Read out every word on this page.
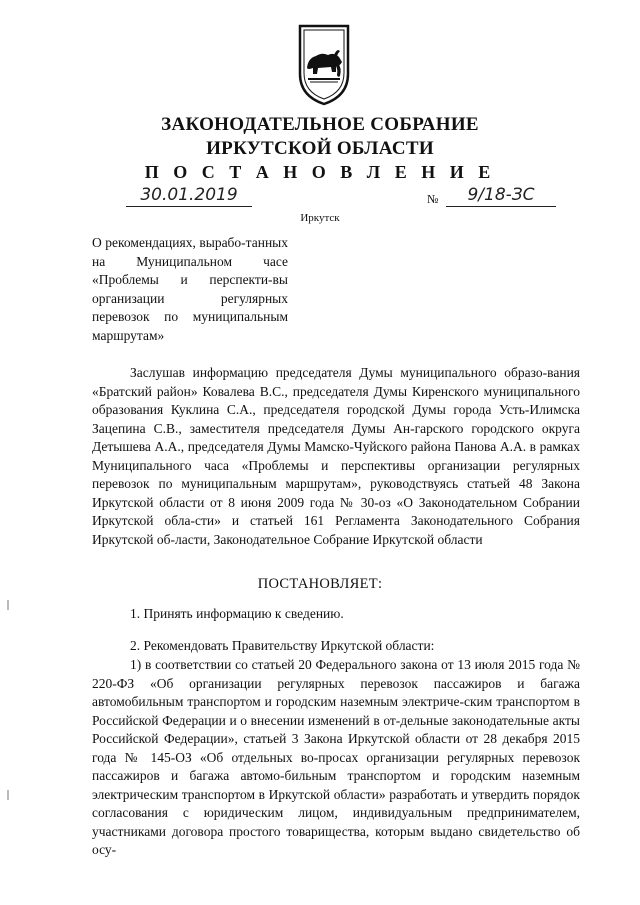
ЗАКОНОДАТЕЛЬНОЕ СОБРАНИЕ
ИРКУТСКОЙ ОБЛАСТИ
П О С Т А Н О В Л Е Н И Е
30.01.2019	№	9/18-ЗС
Иркутск
О рекомендациях, вырабо-танных на Муниципальном часе «Проблемы и перспекти-вы организации регулярных перевозок по муниципальным маршрутам»

Заслушав информацию председателя Думы муниципального образо-вания «Братский район» Ковалева В.С., председателя Думы Киренского муниципального образования Куклина С.А., председателя городской Думы города Усть-Илимска Зацепина С.В., заместителя председателя Думы Ан-гарского городского округа Детышева А.А., председателя Думы Мамско-Чуйского района Панова А.А. в рамках Муниципального часа «Проблемы и перспективы организации регулярных перевозок по муниципальным маршрутам», руководствуясь статьей 48 Закона Иркутской области от 8 июня 2009 года № 30-оз «О Законодательном Собрании Иркутской обла-сти» и статьей 161 Регламента Законодательного Собрания Иркутской об-ласти, Законодательное Собрание Иркутской области

ПОСТАНОВЛЯЕТ:

1. Принять информацию к сведению.

2. Рекомендовать Правительству Иркутской области:

1) в соответствии со статьей 20 Федерального закона от 13 июля 2015 года № 220-ФЗ «Об организации регулярных перевозок пассажиров и багажа автомобильным транспортом и городским наземным электриче-ским транспортом в Российской Федерации и о внесении изменений в от-дельные законодательные акты Российской Федерации», статьей 3 Закона Иркутской области от 28 декабря 2015 года № 145-ОЗ «Об отдельных во-просах организации регулярных перевозок пассажиров и багажа автомо-бильным транспортом и городским наземным электрическим транспортом в Иркутской области» разработать и утвердить порядок согласования с юридическим лицом, индивидуальным предпринимателем, участниками договора простого товарищества, которым выдано свидетельство об осу-
